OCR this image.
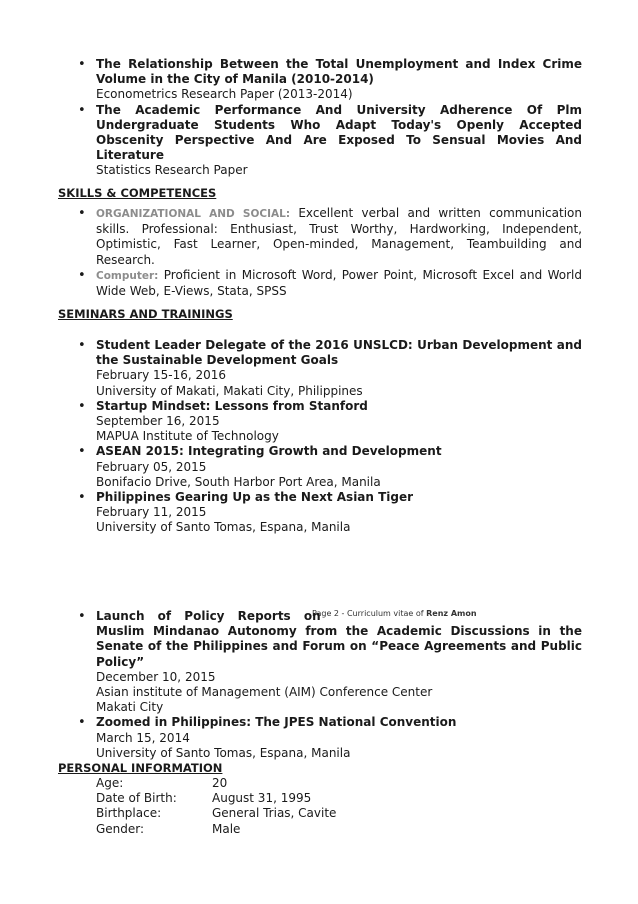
• The Relationship Between the Total Unemployment and Index Crime Volume in the City of Manila (2010-2014)
Econometrics Research Paper (2013-2014)
• The Academic Performance And University Adherence Of Plm Undergraduate Students Who Adapt Today's Openly Accepted Obscenity Perspective And Are Exposed To Sensual Movies And Literature
Statistics Research Paper
SKILLS & COMPETENCES
• ORGANIZATIONAL AND SOCIAL: Excellent verbal and written communication skills. Professional: Enthusiast, Trust Worthy, Hardworking, Independent, Optimistic, Fast Learner, Open-minded, Management, Teambuilding and Research.
• Computer: Proficient in Microsoft Word, Power Point, Microsoft Excel and World Wide Web, E-Views, Stata, SPSS
SEMINARS AND TRAININGS
• Student Leader Delegate of the 2016 UNSLCD: Urban Development and the Sustainable Development Goals
February 15-16, 2016
University of Makati, Makati City, Philippines
• Startup Mindset: Lessons from Stanford
September 16, 2015
MAPUA Institute of Technology
• ASEAN 2015: Integrating Growth and Development
February 05, 2015
Bonifacio Drive, South Harbor Port Area, Manila
• Philippines Gearing Up as the Next Asian Tiger
February 11, 2015
University of Santo Tomas, Espana, Manila
Page 2 - Curriculum vitae of Renz Amon
• Launch of Policy Reports on
Muslim Mindanao Autonomy from the Academic Discussions in the Senate of the Philippines and Forum on “Peace Agreements and Public Policy”
December 10, 2015
Asian institute of Management (AIM) Conference Center
Makati City
• Zoomed in Philippines: The JPES National Convention
March 15, 2014
University of Santo Tomas, Espana, Manila
PERSONAL INFORMATION
Age:	20
Date of Birth:	August 31, 1995
Birthplace:	General Trias, Cavite
Gender:	Male
